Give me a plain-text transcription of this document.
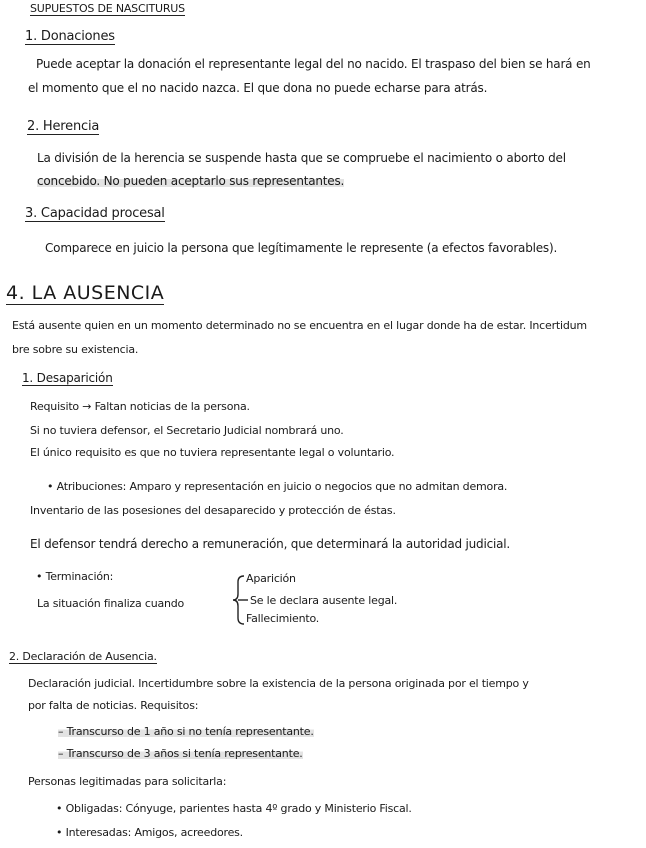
SUPUESTOS DE NASCITURUS
1. Donaciones
Puede aceptar la donación el representante legal del no nacido. El traspaso del bien se hará en
el momento que el no nacido nazca. El que dona no puede echarse para atrás.
2. Herencia
La división de la herencia se suspende hasta que se compruebe el nacimiento o aborto del
concebido. No pueden aceptarlo sus representantes.
3. Capacidad procesal
Comparece en juicio la persona que legítimamente le represente (a efectos favorables).
4. LA AUSENCIA
Está ausente quien en un momento determinado no se encuentra en el lugar donde ha de estar. Incertidum
bre sobre su existencia.
1. Desaparición
Requisito → Faltan noticias de la persona.
Si no tuviera defensor, el Secretario Judicial nombrará uno.
El único requisito es que no tuviera representante legal o voluntario.
• Atribuciones: Amparo y representación en juicio o negocios que no admitan demora.
Inventario de las posesiones del desaparecido y protección de éstas.
El defensor tendrá derecho a remuneración, que determinará la autoridad judicial.
• Terminación:
La situación finaliza cuando
Aparición
Se le declara ausente legal.
Fallecimiento.
2. Declaración de Ausencia.
Declaración judicial. Incertidumbre sobre la existencia de la persona originada por el tiempo y
por falta de noticias. Requisitos:
– Transcurso de 1 año si no tenía representante.
– Transcurso de 3 años si tenía representante.
Personas legitimadas para solicitarla:
• Obligadas: Cónyuge, parientes hasta 4º grado y Ministerio Fiscal.
• Interesadas: Amigos, acreedores.
